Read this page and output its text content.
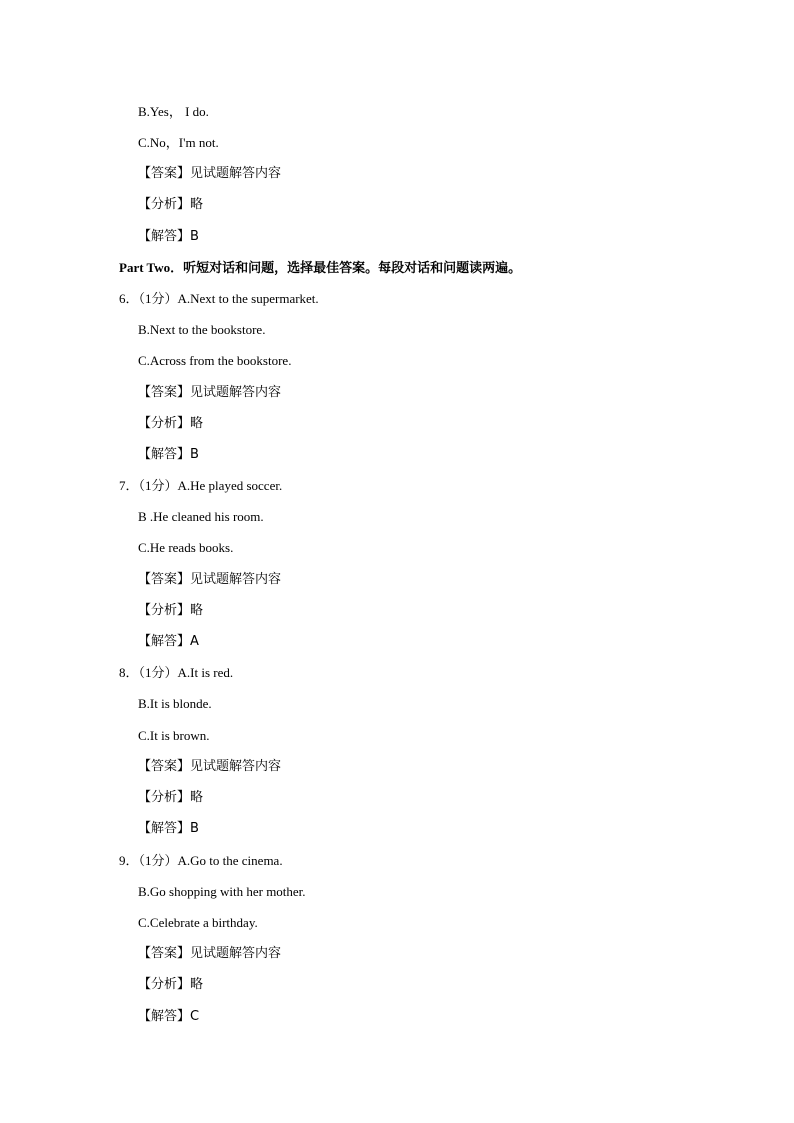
B.Yes， I do.
C.No，I'm not.
【答案】见试题解答内容
【分析】略
【解答】B
Part Two．听短对话和问题，选择最佳答案。每段对话和问题读两遍。
6．（1分）A.Next to the supermarket.
B.Next to the bookstore.
C.Across from the bookstore.
【答案】见试题解答内容
【分析】略
【解答】B
7．（1分）A.He played soccer.
B .He cleaned his room.
C.He reads books.
【答案】见试题解答内容
【分析】略
【解答】A
8．（1分）A.It is red.
B.It is blonde.
C.It is brown.
【答案】见试题解答内容
【分析】略
【解答】B
9．（1分）A.Go to the cinema.
B.Go shopping with her mother.
C.Celebrate a birthday.
【答案】见试题解答内容
【分析】略
【解答】C
